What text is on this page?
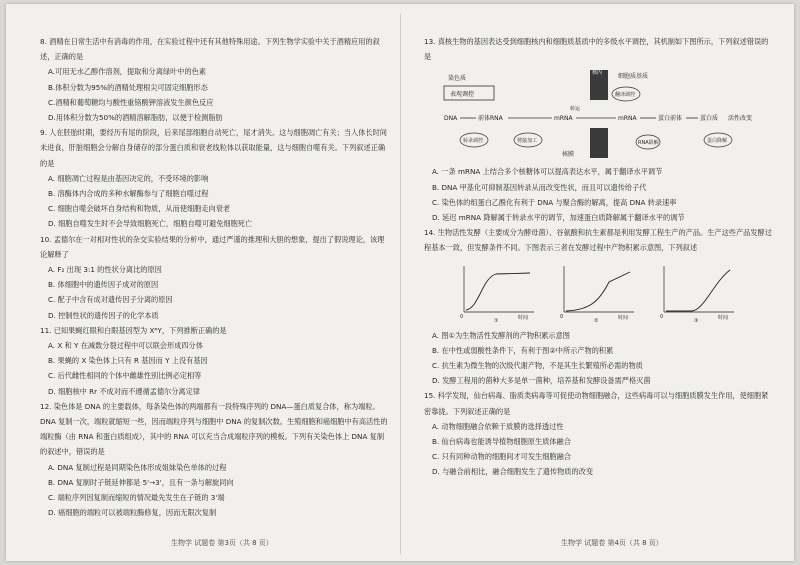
8. 酒精在日常生活中有消毒的作用，在实验过程中还有其他特殊用途。下列生物学实验中关于酒精应用的叙述，正确的是
A.可用无水乙醇作溶剂，提取和分离绿叶中的色素
B.体积分数为95%的酒精处理根尖可固定细胞形态
C.酒精和葡萄糖均与酸性重铬酸钾溶液发生颜色反应
D.用体积分数为50%的酒精溶解脂肪，以便于检测脂肪
9. 人在胚胎时期，要经历有尾的阶段，后来尾部细胞自动死亡，尾才消失。这与细胞凋亡有关；当人体长时间未进食，肝脏细胞会分解自身储存的部分蛋白质和衰老线粒体以获取能量，这与细胞自噬有关。下列叙述正确的是
A. 细胞凋亡过程是由基因决定的，不受环境的影响
B. 溶酶体内合成的多种水解酶参与了细胞自噬过程
C. 细胞自噬会破坏自身结构和物质，从而使细胞走向衰老
D. 细胞自噬发生时不会导致细胞死亡，细胞自噬可避免细胞死亡
10. 孟德尔在一对相对性状的杂交实验结果的分析中，通过严谨的推理和大胆的想象，提出了假说理论，该理论解释了
A. F₂ 出现 3:1 的性状分离比的原因
B. 体细胞中的遗传因子成对的原因
C. 配子中含有成对遗传因子分离的原因
D. 控制性状的遗传因子的化学本质
11. 已知果蝇红眼和白眼基因型为 XᴿY，下列推断正确的是
A. X 和 Y 在减数分裂过程中可以联会形成四分体
B. 果蝇的 X 染色体上只有 R 基因而 Y 上没有基因
C. 后代雌性相同的个体中雌雄性别比例必定相等
D. 细胞核中 Rr 不成对而不遵循孟德尔分离定律
12. 染色体是 DNA 的主要载体，每条染色体的两端都有一段特殊序列的 DNA—蛋白质复合体，称为端粒。DNA 复制一次，端粒就缩短一些，因而端粒序列与细胞中 DNA 的复制次数。生殖细胞和癌细胞中有高活性的端粒酶（由 RNA 和蛋白质组成），其中的 RNA 可以充当合成端粒序列的模板。下列有关染色体上 DNA 复制的叙述中，错误的是
A. DNA 复制过程是同期染色体形成姐妹染色单体的过程
B. DNA 复制时子链延伸都是 5'→3'，且有一条与解旋同向
C. 端粒序列因复制而缩短的情况最先发生在子链的 3'端
D. 癌细胞的端粒可以被端粒酶修复，因而无限次复制
生物学 试题卷 第3页（共 8 页）
13. 真核生物的基因表达受到细胞核内和细胞质基质中的多级水平调控，其机制如下图所示，下列叙述错误的是
染色质
表观调控
DNA	前体RNA	mRNA	mRNA	蛋白前体	蛋白质 活性改变
转录调控	剪接加工
翻译调控
RNA降解	蛋白降解
核内	细胞质基质
核膜
转运
A. 一条 mRNA 上结合多个核糖体可以提高表达水平，属于翻译水平调节
B. DNA 甲基化可抑制基因转录从而改变性状，而且可以遗传给子代
C. 染色体的组蛋白乙酰化有利于 DNA 与聚合酶的解离，提高 DNA 转录速率
D. 延迟 mRNA 降解属于转录水平的调节，加速蛋白质降解属于翻译水平的调节
14. 生物活性发酵（主要成分为酵母菌）、谷氨酸和抗生素都是利用发酵工程生产的产品。生产这些产品发酵过程基本一致，但发酵条件不同。下图表示三者在发酵过程中产物积累示意图，下列叙述
0	时间
①
0	时间
②
0	时间
③
A. 图①为生物活性发酵剂的产物积累示意图
B. 在中性或弱酸性条件下，有利于图②中所示产物的积累
C. 抗生素为微生物的次级代谢产物，不是其生长繁殖所必需的物质
D. 发酵工程用的菌种大多是单一菌种，培养基和发酵设备需严格灭菌
15. 科学发现，仙台病毒、脂质类病毒等可促使动物细胞融合，这些病毒可以与细胞质膜发生作用，使细胞紧密靠拢。下列叙述正确的是
A. 动物细胞融合依赖于质膜的选择透过性
B. 仙台病毒也能诱导植物细胞原生质体融合
C. 只有同种动物的细胞间才可发生细胞融合
D. 与融合前相比，融合细胞发生了遗传物质的改变
生物学 试题卷 第4页（共 8 页）
